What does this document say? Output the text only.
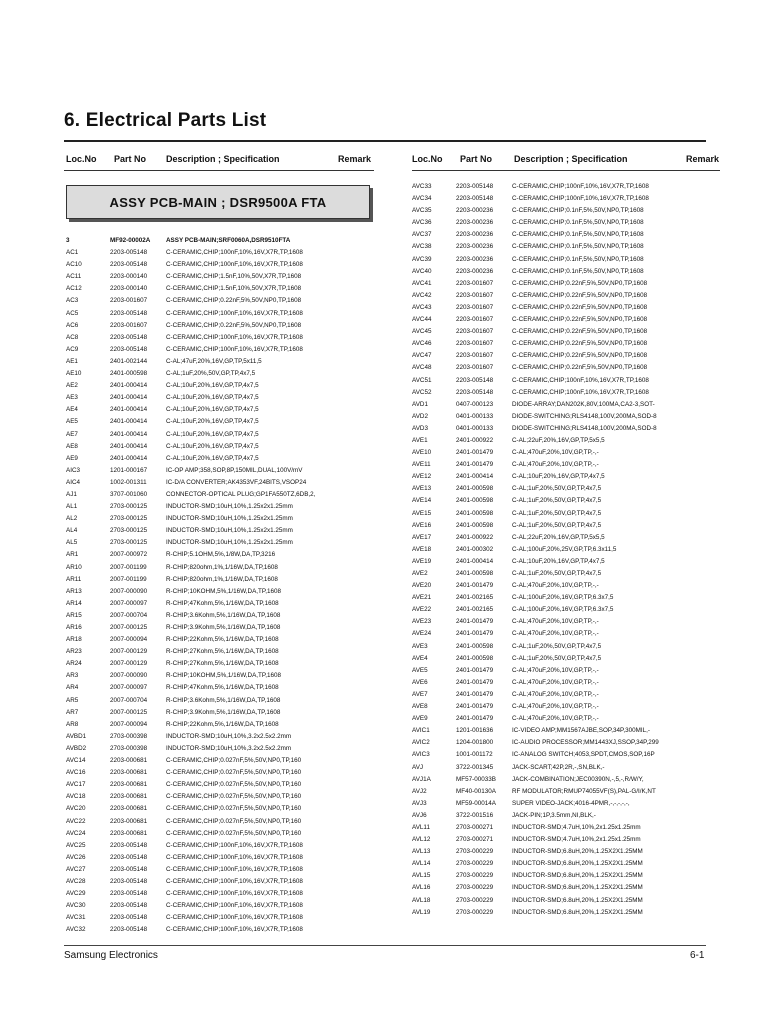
6. Electrical Parts List
Loc.No Part No Description ; Specification	Remark
ASSY PCB-MAIN ; DSR9500A FTA
3	MF92-00002A	ASSY PCB-MAIN;SRF0060A,DSR9510FTA
AC1	2203-005148	C-CERAMIC,CHIP;100nF,10%,16V,X7R,TP,1608
AC10	2203-005148	C-CERAMIC,CHIP;100nF,10%,16V,X7R,TP,1608
AC11	2203-000140	C-CERAMIC,CHIP;1.5nF,10%,50V,X7R,TP,1608
AC12	2203-000140	C-CERAMIC,CHIP;1.5nF,10%,50V,X7R,TP,1608
AC3	2203-001607	C-CERAMIC,CHIP;0.22nF,5%,50V,NP0,TP,1608
AC5	2203-005148	C-CERAMIC,CHIP;100nF,10%,16V,X7R,TP,1608
AC6	2203-001607	C-CERAMIC,CHIP;0.22nF,5%,50V,NP0,TP,1608
AC8	2203-005148	C-CERAMIC,CHIP;100nF,10%,16V,X7R,TP,1608
AC9	2203-005148	C-CERAMIC,CHIP;100nF,10%,16V,X7R,TP,1608
AE1	2401-002144	C-AL;47uF,20%,16V,GP,TP,5x11,5
AE10	2401-000598	C-AL;1uF,20%,50V,GP,TP,4x7,5
AE2	2401-000414	C-AL;10uF,20%,16V,GP,TP,4x7,5
AE3	2401-000414	C-AL;10uF,20%,16V,GP,TP,4x7,5
AE4	2401-000414	C-AL;10uF,20%,16V,GP,TP,4x7,5
AE5	2401-000414	C-AL;10uF,20%,16V,GP,TP,4x7,5
AE7	2401-000414	C-AL;10uF,20%,16V,GP,TP,4x7,5
AE8	2401-000414	C-AL;10uF,20%,16V,GP,TP,4x7,5
AE9	2401-000414	C-AL;10uF,20%,16V,GP,TP,4x7,5
AIC3	1201-000167	IC-OP AMP;358,SOP,8P,150MIL,DUAL,100V/mV
AIC4	1002-001311	IC-D/A CONVERTER;AK4353VF,24BITS,VSOP24
AJ1	3707-001060	CONNECTOR-OPTICAL PLUG;GP1FA550TZ,6DB,2,
AL1	2703-000125	INDUCTOR-SMD;10uH,10%,1.25x2x1.25mm
AL2	2703-000125	INDUCTOR-SMD;10uH,10%,1.25x2x1.25mm
AL4	2703-000125	INDUCTOR-SMD;10uH,10%,1.25x2x1.25mm
AL5	2703-000125	INDUCTOR-SMD;10uH,10%,1.25x2x1.25mm
AR1	2007-000972	R-CHIP;5.1OHM,5%,1/8W,DA,TP,3216
AR10	2007-001199	R-CHIP;820ohm,1%,1/16W,DA,TP,1608
AR11	2007-001199	R-CHIP;820ohm,1%,1/16W,DA,TP,1608
AR13	2007-000090	R-CHIP;10KOHM,5%,1/16W,DA,TP,1608
AR14	2007-000097	R-CHIP;47Kohm,5%,1/16W,DA,TP,1608
AR15	2007-000704	R-CHIP;3.6Kohm,5%,1/16W,DA,TP,1608
AR16	2007-000125	R-CHIP;3.9Kohm,5%,1/16W,DA,TP,1608
AR18	2007-000094	R-CHIP;22Kohm,5%,1/16W,DA,TP,1608
AR23	2007-000129	R-CHIP;27Kohm,5%,1/16W,DA,TP,1608
AR24	2007-000129	R-CHIP;27Kohm,5%,1/16W,DA,TP,1608
AR3	2007-000090	R-CHIP;10KOHM,5%,1/16W,DA,TP,1608
AR4	2007-000097	R-CHIP;47Kohm,5%,1/16W,DA,TP,1608
AR5	2007-000704	R-CHIP;3.6Kohm,5%,1/16W,DA,TP,1608
AR7	2007-000125	R-CHIP;3.9Kohm,5%,1/16W,DA,TP,1608
AR8	2007-000094	R-CHIP;22Kohm,5%,1/16W,DA,TP,1608
AVBD1	2703-000398	INDUCTOR-SMD;10uH,10%,3.2x2.5x2.2mm
AVBD2	2703-000398	INDUCTOR-SMD;10uH,10%,3.2x2.5x2.2mm
AVC14	2203-000681	C-CERAMIC,CHIP;0.027nF,5%,50V,NP0,TP,160
AVC16	2203-000681	C-CERAMIC,CHIP;0.027nF,5%,50V,NP0,TP,160
AVC17	2203-000681	C-CERAMIC,CHIP;0.027nF,5%,50V,NP0,TP,160
AVC18	2203-000681	C-CERAMIC,CHIP;0.027nF,5%,50V,NP0,TP,160
AVC20	2203-000681	C-CERAMIC,CHIP;0.027nF,5%,50V,NP0,TP,160
AVC22	2203-000681	C-CERAMIC,CHIP;0.027nF,5%,50V,NP0,TP,160
AVC24	2203-000681	C-CERAMIC,CHIP;0.027nF,5%,50V,NP0,TP,160
AVC25	2203-005148	C-CERAMIC,CHIP;100nF,10%,16V,X7R,TP,1608
AVC26	2203-005148	C-CERAMIC,CHIP;100nF,10%,16V,X7R,TP,1608
AVC27	2203-005148	C-CERAMIC,CHIP;100nF,10%,16V,X7R,TP,1608
AVC28	2203-005148	C-CERAMIC,CHIP;100nF,10%,16V,X7R,TP,1608
AVC29	2203-005148	C-CERAMIC,CHIP;100nF,10%,16V,X7R,TP,1608
AVC30	2203-005148	C-CERAMIC,CHIP;100nF,10%,16V,X7R,TP,1608
AVC31	2203-005148	C-CERAMIC,CHIP;100nF,10%,16V,X7R,TP,1608
AVC32	2203-005148	C-CERAMIC,CHIP;100nF,10%,16V,X7R,TP,1608
Loc.No Part No Description ; Specification	Remark
AVC33	2203-005148	C-CERAMIC,CHIP;100nF,10%,16V,X7R,TP,1608
AVC34	2203-005148	C-CERAMIC,CHIP;100nF,10%,16V,X7R,TP,1608
AVC35	2203-000236	C-CERAMIC,CHIP;0.1nF,5%,50V,NP0,TP,1608
AVC36	2203-000236	C-CERAMIC,CHIP;0.1nF,5%,50V,NP0,TP,1608
AVC37	2203-000236	C-CERAMIC,CHIP;0.1nF,5%,50V,NP0,TP,1608
AVC38	2203-000236	C-CERAMIC,CHIP;0.1nF,5%,50V,NP0,TP,1608
AVC39	2203-000236	C-CERAMIC,CHIP;0.1nF,5%,50V,NP0,TP,1608
AVC40	2203-000236	C-CERAMIC,CHIP;0.1nF,5%,50V,NP0,TP,1608
AVC41	2203-001607	C-CERAMIC,CHIP;0.22nF,5%,50V,NP0,TP,1608
AVC42	2203-001607	C-CERAMIC,CHIP;0.22nF,5%,50V,NP0,TP,1608
AVC43	2203-001607	C-CERAMIC,CHIP;0.22nF,5%,50V,NP0,TP,1608
AVC44	2203-001607	C-CERAMIC,CHIP;0.22nF,5%,50V,NP0,TP,1608
AVC45	2203-001607	C-CERAMIC,CHIP;0.22nF,5%,50V,NP0,TP,1608
AVC46	2203-001607	C-CERAMIC,CHIP;0.22nF,5%,50V,NP0,TP,1608
AVC47	2203-001607	C-CERAMIC,CHIP;0.22nF,5%,50V,NP0,TP,1608
AVC48	2203-001607	C-CERAMIC,CHIP;0.22nF,5%,50V,NP0,TP,1608
AVC51	2203-005148	C-CERAMIC,CHIP;100nF,10%,16V,X7R,TP,1608
AVC52	2203-005148	C-CERAMIC,CHIP;100nF,10%,16V,X7R,TP,1608
AVD1	0407-000123	DIODE-ARRAY;DAN202K,80V,100MA,CA2-3,SOT-
AVD2	0401-000133	DIODE-SWITCHING;RLS4148,100V,200MA,SOD-8
AVD3	0401-000133	DIODE-SWITCHING;RLS4148,100V,200MA,SOD-8
AVE1	2401-000922	C-AL;22uF,20%,16V,GP,TP,5x5,5
AVE10	2401-001479	C-AL;470uF,20%,10V,GP,TP,-,-
AVE11	2401-001479	C-AL;470uF,20%,10V,GP,TP,-,-
AVE12	2401-000414	C-AL;10uF,20%,16V,GP,TP,4x7,5
AVE13	2401-000598	C-AL;1uF,20%,50V,GP,TP,4x7,5
AVE14	2401-000598	C-AL;1uF,20%,50V,GP,TP,4x7,5
AVE15	2401-000598	C-AL;1uF,20%,50V,GP,TP,4x7,5
AVE16	2401-000598	C-AL;1uF,20%,50V,GP,TP,4x7,5
AVE17	2401-000922	C-AL;22uF,20%,16V,GP,TP,5x5,5
AVE18	2401-000302	C-AL;100uF,20%,25V,GP,TP,6.3x11,5
AVE19	2401-000414	C-AL;10uF,20%,16V,GP,TP,4x7,5
AVE2	2401-000598	C-AL;1uF,20%,50V,GP,TP,4x7,5
AVE20	2401-001479	C-AL;470uF,20%,10V,GP,TP,-,-
AVE21	2401-002165	C-AL;100uF,20%,16V,GP,TP,6.3x7,5
AVE22	2401-002165	C-AL;100uF,20%,16V,GP,TP,6.3x7,5
AVE23	2401-001479	C-AL;470uF,20%,10V,GP,TP,-,-
AVE24	2401-001479	C-AL;470uF,20%,10V,GP,TP,-,-
AVE3	2401-000598	C-AL;1uF,20%,50V,GP,TP,4x7,5
AVE4	2401-000598	C-AL;1uF,20%,50V,GP,TP,4x7,5
AVE5	2401-001479	C-AL;470uF,20%,10V,GP,TP,-,-
AVE6	2401-001479	C-AL;470uF,20%,10V,GP,TP,-,-
AVE7	2401-001479	C-AL;470uF,20%,10V,GP,TP,-,-
AVE8	2401-001479	C-AL;470uF,20%,10V,GP,TP,-,-
AVE9	2401-001479	C-AL;470uF,20%,10V,GP,TP,-,-
AVIC1	1201-001636	IC-VIDEO AMP;MM1567AJBE,SOP,34P,300MIL,-
AVIC2	1204-001800	IC-AUDIO PROCESSOR;MM1443XJ,SSOP,34P,299
AVIC3	1001-001172	IC-ANALOG SWITCH;4053,SPDT,CMOS,SOP,16P
AVJ	3722-001345	JACK-SCART;42P,2R,-,SN,BLK,-
AVJ1A	MF57-00033B	JACK-COMBINATION;JEC00390N,-,5,-,R/W/Y,
AVJ2	MF40-00130A	RF MODULATOR;RMUP74055VF(S),PAL-G/I/K,NT
AVJ3	MF59-00014A	SUPER VIDEO-JACK;4016-4PMR,-,-,-,-,-,
AVJ6	3722-001516	JACK-PIN;1P,3.5mm,NI,BLK,-
AVL11	2703-000271	INDUCTOR-SMD;4.7uH,10%,2x1.25x1.25mm
AVL12	2703-000271	INDUCTOR-SMD;4.7uH,10%,2x1.25x1.25mm
AVL13	2703-000229	INDUCTOR-SMD;6.8uH,20%,1.25X2X1.25MM
AVL14	2703-000229	INDUCTOR-SMD;6.8uH,20%,1.25X2X1.25MM
AVL15	2703-000229	INDUCTOR-SMD;6.8uH,20%,1.25X2X1.25MM
AVL16	2703-000229	INDUCTOR-SMD;6.8uH,20%,1.25X2X1.25MM
AVL18	2703-000229	INDUCTOR-SMD;6.8uH,20%,1.25X2X1.25MM
AVL19	2703-000229	INDUCTOR-SMD;6.8uH,20%,1.25X2X1.25MM
Samsung Electronics	6-1
